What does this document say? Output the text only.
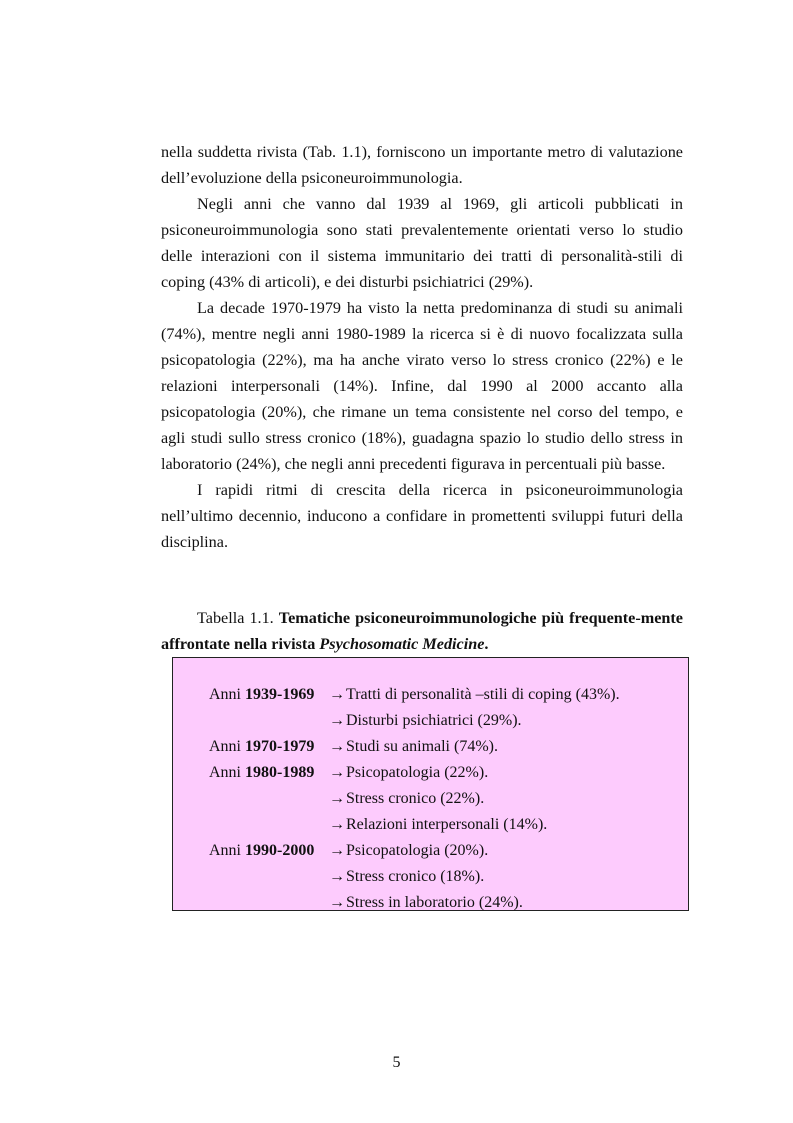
nella suddetta rivista (Tab. 1.1), forniscono un importante metro di valutazione dell’evoluzione della psiconeuroimmunologia.

Negli anni che vanno dal 1939 al 1969, gli articoli pubblicati in psiconeuroimmunologia sono stati prevalentemente orientati verso lo studio delle interazioni con il sistema immunitario dei tratti di personalità-stili di coping (43% di articoli), e dei disturbi psichiatrici (29%).

La decade 1970-1979 ha visto la netta predominanza di studi su animali (74%), mentre negli anni 1980-1989 la ricerca si è di nuovo focalizzata sulla psicopatologia (22%), ma ha anche virato verso lo stress cronico (22%) e le relazioni interpersonali (14%). Infine, dal 1990 al 2000 accanto alla psicopatologia (20%), che rimane un tema consistente nel corso del tempo, e agli studi sullo stress cronico (18%), guadagna spazio lo studio dello stress in laboratorio (24%), che negli anni precedenti figurava in percentuali più basse.

I rapidi ritmi di crescita della ricerca in psiconeuroimmunologia nell’ultimo decennio, inducono a confidare in promettenti sviluppi futuri della disciplina.

Tabella 1.1. Tematiche psiconeuroimmunologiche più frequente-mente affrontate nella rivista Psychosomatic Medicine.
Anni 1939-1969 → Tratti di personalità –stili di coping (43%).
→ Disturbi psichiatrici (29%).
Anni 1970-1979 → Studi su animali (74%).
Anni 1980-1989 → Psicopatologia (22%).
→ Stress cronico (22%).
→ Relazioni interpersonali (14%).
Anni 1990-2000 → Psicopatologia (20%).
→ Stress cronico (18%).
→ Stress in laboratorio (24%).
5
